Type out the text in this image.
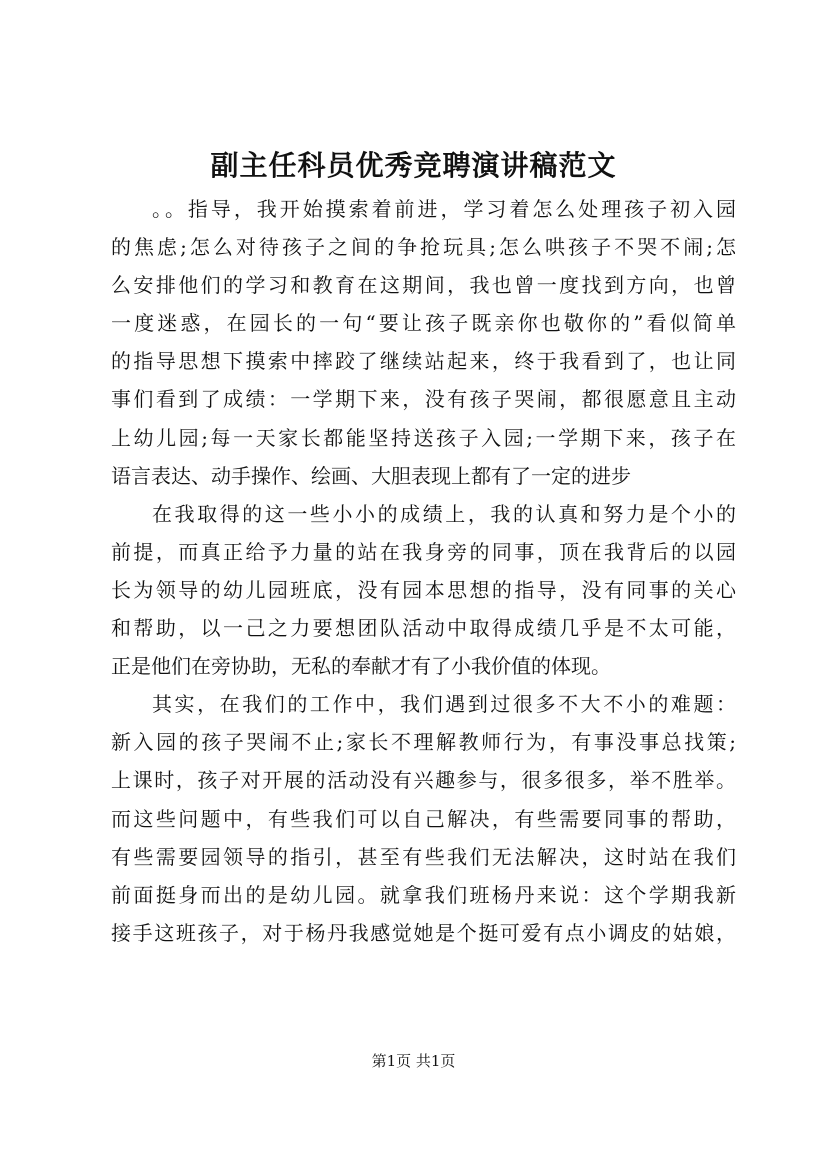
副主任科员优秀竞聘演讲稿范文
。。指导，我开始摸索着前进，学习着怎么处理孩子初入园
的焦虑;怎么对待孩子之间的争抢玩具;怎么哄孩子不哭不闹;怎
么安排他们的学习和教育在这期间，我也曾一度找到方向，也曾
一度迷惑，在园长的一句“要让孩子既亲你也敬你的”看似简单
的指导思想下摸索中摔跤了继续站起来，终于我看到了，也让同
事们看到了成绩：一学期下来，没有孩子哭闹，都很愿意且主动
上幼儿园;每一天家长都能坚持送孩子入园;一学期下来，孩子在
语言表达、动手操作、绘画、大胆表现上都有了一定的进步
在我取得的这一些小小的成绩上，我的认真和努力是个小的
前提，而真正给予力量的站在我身旁的同事，顶在我背后的以园
长为领导的幼儿园班底，没有园本思想的指导，没有同事的关心
和帮助，以一己之力要想团队活动中取得成绩几乎是不太可能，
正是他们在旁协助，无私的奉献才有了小我价值的体现。
其实，在我们的工作中，我们遇到过很多不大不小的难题：
新入园的孩子哭闹不止;家长不理解教师行为，有事没事总找策;
上课时，孩子对开展的活动没有兴趣参与，很多很多，举不胜举。
而这些问题中，有些我们可以自己解决，有些需要同事的帮助，
有些需要园领导的指引，甚至有些我们无法解决，这时站在我们
前面挺身而出的是幼儿园。就拿我们班杨丹来说：这个学期我新
接手这班孩子，对于杨丹我感觉她是个挺可爱有点小调皮的姑娘，
第1页 共1页
